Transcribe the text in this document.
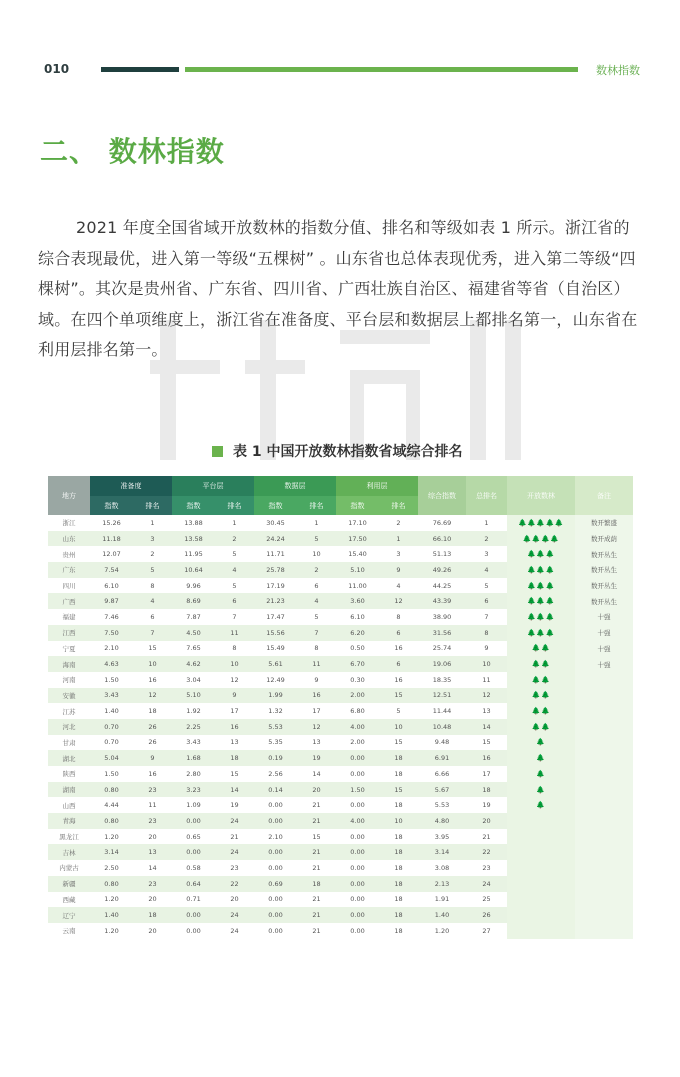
010	数林指数
二、 数林指数

2021 年度全国省域开放数林的指数分值、排名和等级如表 1 所示。浙江省的综合表现最优，进入第一等级“五棵树” 。山东省也总体表现优秀，进入第二等级“四棵树”。其次是贵州省、广东省、四川省、广西壮族自治区、福建省等省（自治区）域。在四个单项维度上，浙江省在准备度、平台层和数据层上都排名第一，山东省在利用层排名第一。

表 1 中国开放数林指数省域综合排名
地方	准备度		平台层		数据层		利用层		综合指数	总排名	开放数林	备注
	指数	排名	指数	排名	指数	排名	指数	排名				
浙江	15.26	1	13.88	1	30.45	1	17.10	2	76.69	1	🌲🌲🌲🌲🌲	数开繁盛
山东	11.18	3	13.58	2	24.24	5	17.50	1	66.10	2	🌲🌲🌲🌲	数开成荫
贵州	12.07	2	11.95	5	11.71	10	15.40	3	51.13	3	🌲🌲🌲	数开丛生
广东	7.54	5	10.64	4	25.78	2	5.10	9	49.26	4	🌲🌲🌲	数开丛生
四川	6.10	8	9.96	5	17.19	6	11.00	4	44.25	5	🌲🌲🌲	数开丛生
广西	9.87	4	8.69	6	21.23	4	3.60	12	43.39	6	🌲🌲🌲	数开丛生
福建	7.46	6	7.87	7	17.47	5	6.10	8	38.90	7	🌲🌲🌲	十强
江西	7.50	7	4.50	11	15.56	7	6.20	6	31.56	8	🌲🌲🌲	十强
宁夏	2.10	15	7.65	8	15.49	8	0.50	16	25.74	9	🌲🌲	十强
海南	4.63	10	4.62	10	5.61	11	6.70	6	19.06	10	🌲🌲	十强
河南	1.50	16	3.04	12	12.49	9	0.30	16	18.35	11	🌲🌲	
安徽	3.43	12	5.10	9	1.99	16	2.00	15	12.51	12	🌲🌲	
江苏	1.40	18	1.92	17	1.32	17	6.80	5	11.44	13	🌲🌲	
河北	0.70	26	2.25	16	5.53	12	4.00	10	10.48	14	🌲🌲	
甘肃	0.70	26	3.43	13	5.35	13	2.00	15	9.48	15	🌲	
湖北	5.04	9	1.68	18	0.19	19	0.00	18	6.91	16	🌲	
陕西	1.50	16	2.80	15	2.56	14	0.00	18	6.66	17	🌲	
湖南	0.80	23	3.23	14	0.14	20	1.50	15	5.67	18	🌲	
山西	4.44	11	1.09	19	0.00	21	0.00	18	5.53	19	🌲	
青海	0.80	23	0.00	24	0.00	21	4.00	10	4.80	20		
黑龙江	1.20	20	0.65	21	2.10	15	0.00	18	3.95	21		
吉林	3.14	13	0.00	24	0.00	21	0.00	18	3.14	22		
内蒙古	2.50	14	0.58	23	0.00	21	0.00	18	3.08	23		
新疆	0.80	23	0.64	22	0.69	18	0.00	18	2.13	24		
西藏	1.20	20	0.71	20	0.00	21	0.00	18	1.91	25		
辽宁	1.40	18	0.00	24	0.00	21	0.00	18	1.40	26		
云南	1.20	20	0.00	24	0.00	21	0.00	18	1.20	27		
